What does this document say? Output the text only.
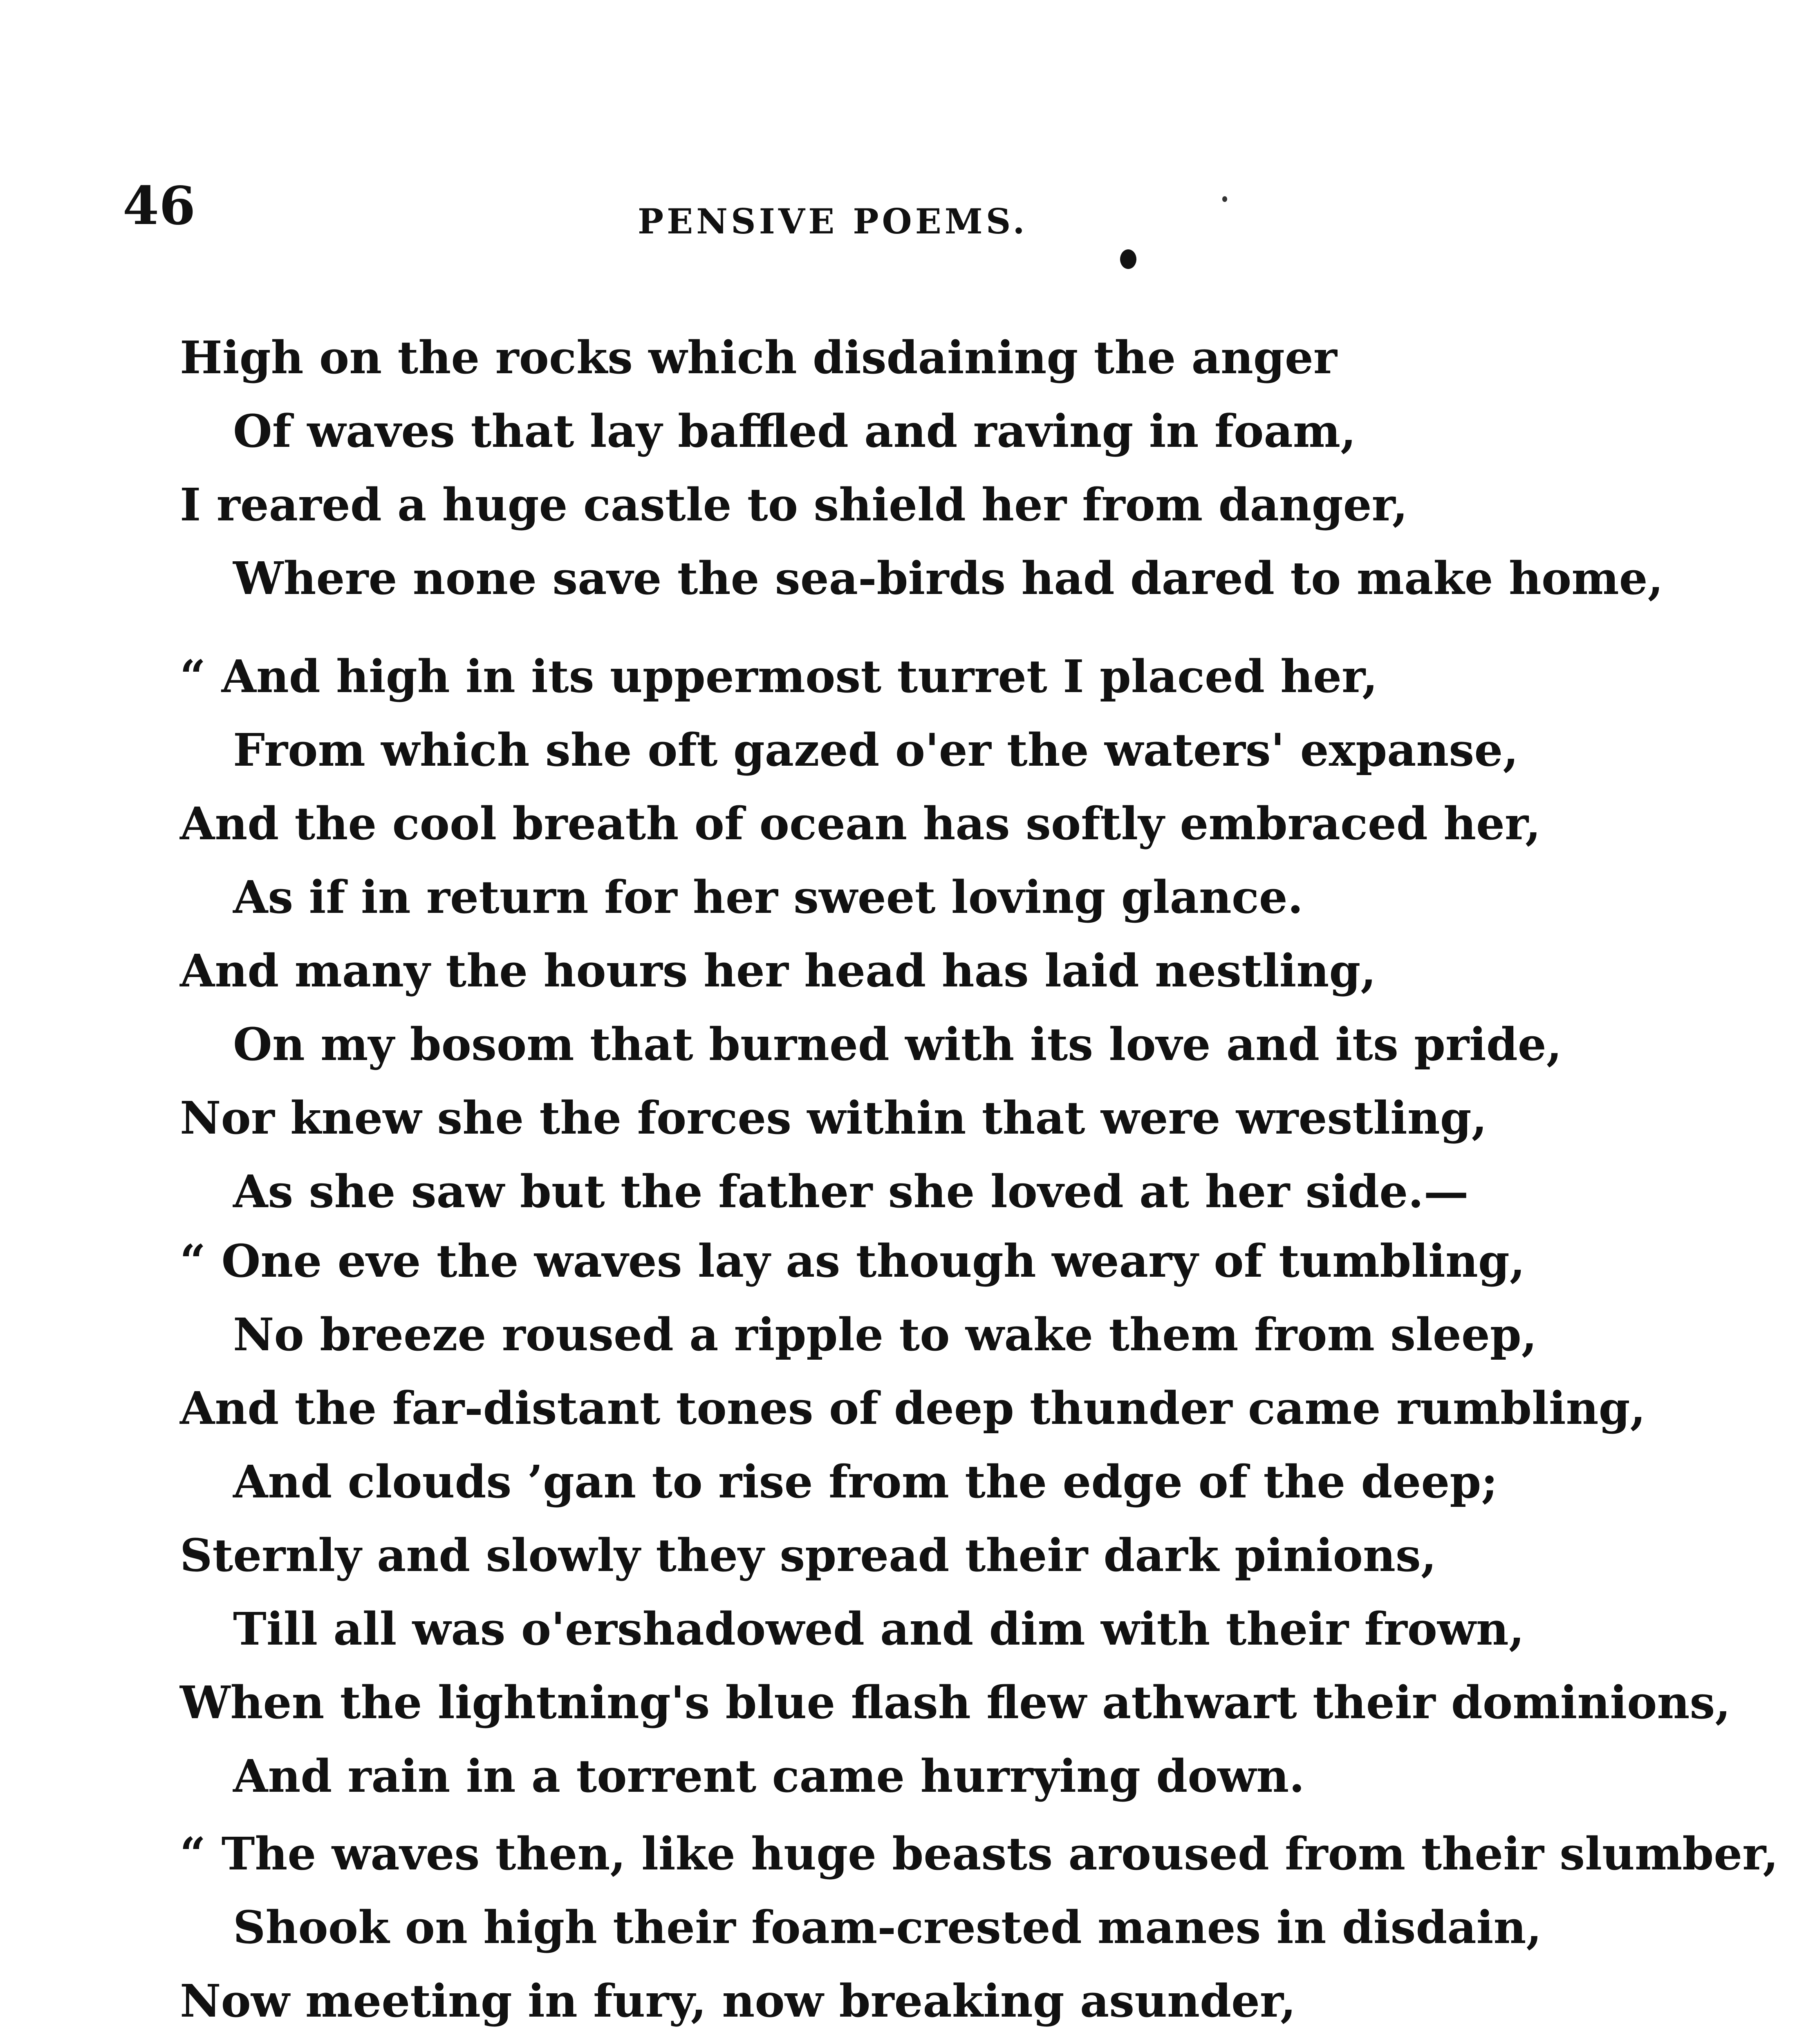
46	PENSIVE POEMS.
High on the rocks which disdaining the anger
Of waves that lay baffled and raving in foam,
I reared a huge castle to shield her from danger,
Where none save the sea-birds had dared to make home,
“ And high in its uppermost turret I placed her,
From which she oft gazed o'er the waters' expanse,
And the cool breath of ocean has softly embraced her,
As if in return for her sweet loving glance.
And many the hours her head has laid nestling,
On my bosom that burned with its love and its pride,
Nor knew she the forces within that were wrestling,
As she saw but the father she loved at her side.—
“ One eve the waves lay as though weary of tumbling,
No breeze roused a ripple to wake them from sleep,
And the far-distant tones of deep thunder came rumbling,
And clouds ’gan to rise from the edge of the deep;
Sternly and slowly they spread their dark pinions,
Till all was o'ershadowed and dim with their frown,
When the lightning's blue flash flew athwart their dominions,
And rain in a torrent came hurrying down.
“ The waves then, like huge beasts aroused from their slumber,
Shook on high their foam-crested manes in disdain,
Now meeting in fury, now breaking asunder,
